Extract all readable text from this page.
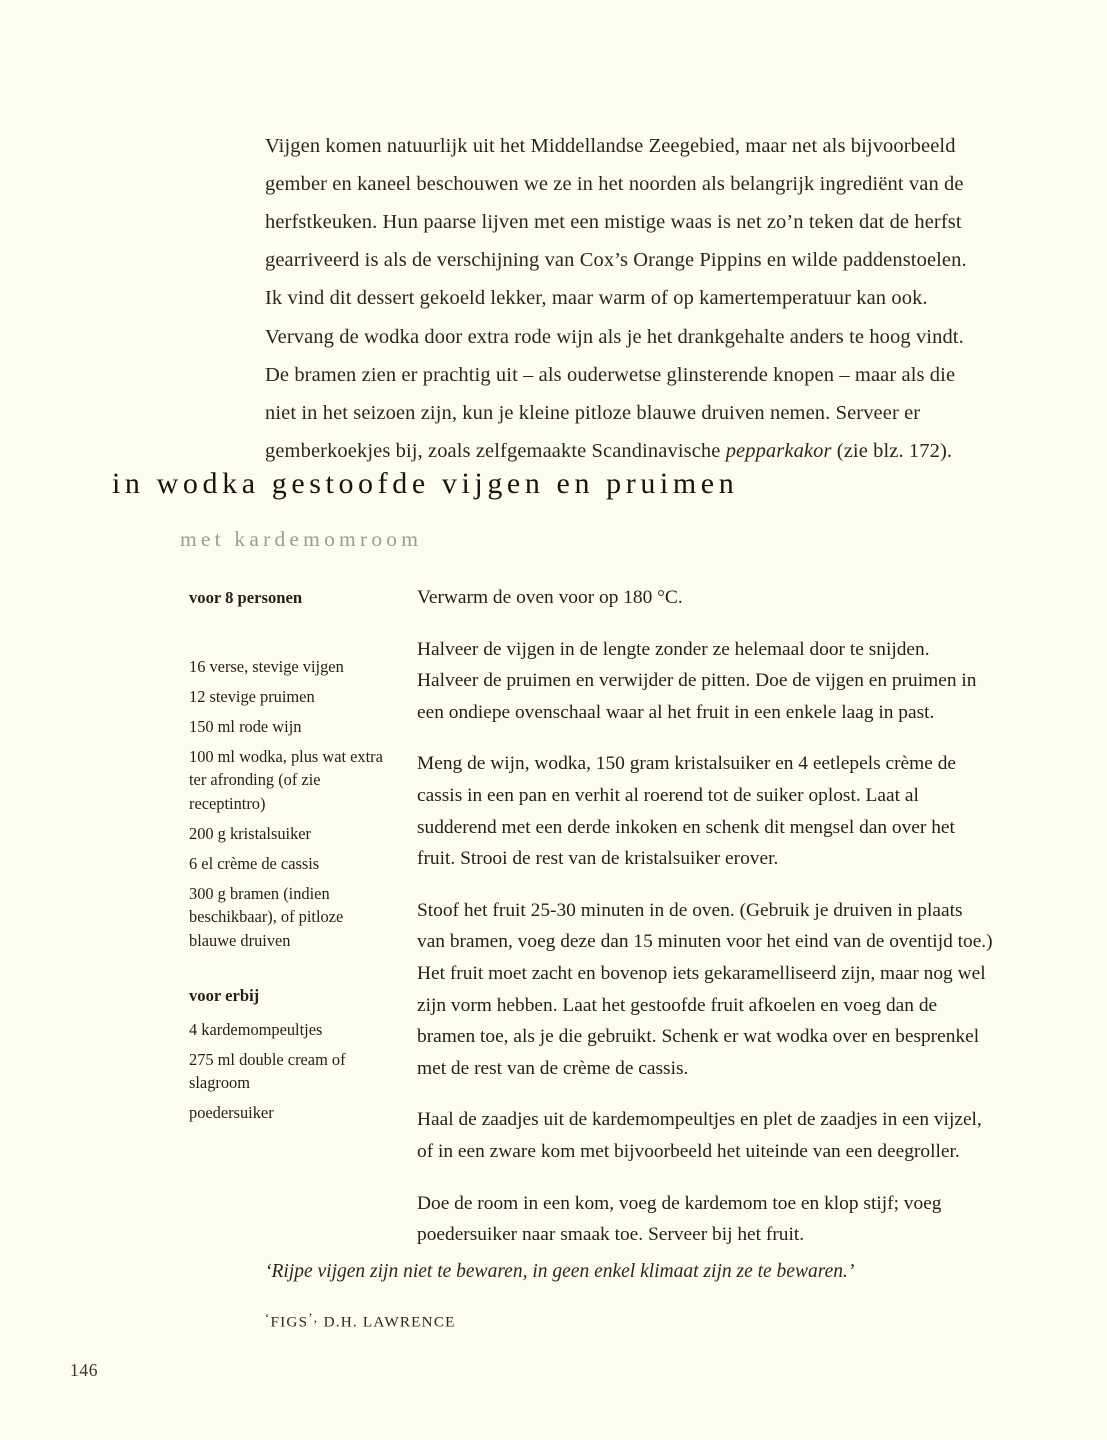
Vijgen komen natuurlijk uit het Middellandse Zeegebied, maar net als bijvoorbeeld gember en kaneel beschouwen we ze in het noorden als belangrijk ingrediënt van de herfstkeuken. Hun paarse lijven met een mistige waas is net zo’n teken dat de herfst gearriveerd is als de verschijning van Cox’s Orange Pippins en wilde paddenstoelen. Ik vind dit dessert gekoeld lekker, maar warm of op kamertemperatuur kan ook. Vervang de wodka door extra rode wijn als je het drankgehalte anders te hoog vindt. De bramen zien er prachtig uit – als ouderwetse glinsterende knopen – maar als die niet in het seizoen zijn, kun je kleine pitloze blauwe druiven nemen. Serveer er gemberkoekjes bij, zoals zelfgemaakte Scandinavische pepparkakor (zie blz. 172).

in wodka gestoofde vijgen en pruimen
met kardemomroom

voor 8 personen

16 verse, stevige vijgen
12 stevige pruimen
150 ml rode wijn
100 ml wodka, plus wat extra ter afronding (of zie receptintro)
200 g kristalsuiker
6 el crème de cassis
300 g bramen (indien beschikbaar), of pitloze blauwe druiven

voor erbij

4 kardemompeultjes
275 ml double cream of slagroom
poedersuiker

Verwarm de oven voor op 180 °C.

Halveer de vijgen in de lengte zonder ze helemaal door te snijden. Halveer de pruimen en verwijder de pitten. Doe de vijgen en pruimen in een ondiepe ovenschaal waar al het fruit in een enkele laag in past.

Meng de wijn, wodka, 150 gram kristalsuiker en 4 eetlepels crème de cassis in een pan en verhit al roerend tot de suiker oplost. Laat al sudderend met een derde inkoken en schenk dit mengsel dan over het fruit. Strooi de rest van de kristalsuiker erover.

Stoof het fruit 25-30 minuten in de oven. (Gebruik je druiven in plaats van bramen, voeg deze dan 15 minuten voor het eind van de oventijd toe.) Het fruit moet zacht en bovenop iets gekaramelliseerd zijn, maar nog wel zijn vorm hebben. Laat het gestoofde fruit afkoelen en voeg dan de bramen toe, als je die gebruikt. Schenk er wat wodka over en besprenkel met de rest van de crème de cassis.

Haal de zaadjes uit de kardemompeultjes en plet de zaadjes in een vijzel, of in een zware kom met bijvoorbeeld het uiteinde van een deegroller.

Doe de room in een kom, voeg de kardemom toe en klop stijf; voeg poedersuiker naar smaak toe. Serveer bij het fruit.

‘Rijpe vijgen zijn niet te bewaren, in geen enkel klimaat zijn ze te bewaren.’

‘FIGS’, D.H. LAWRENCE

146
